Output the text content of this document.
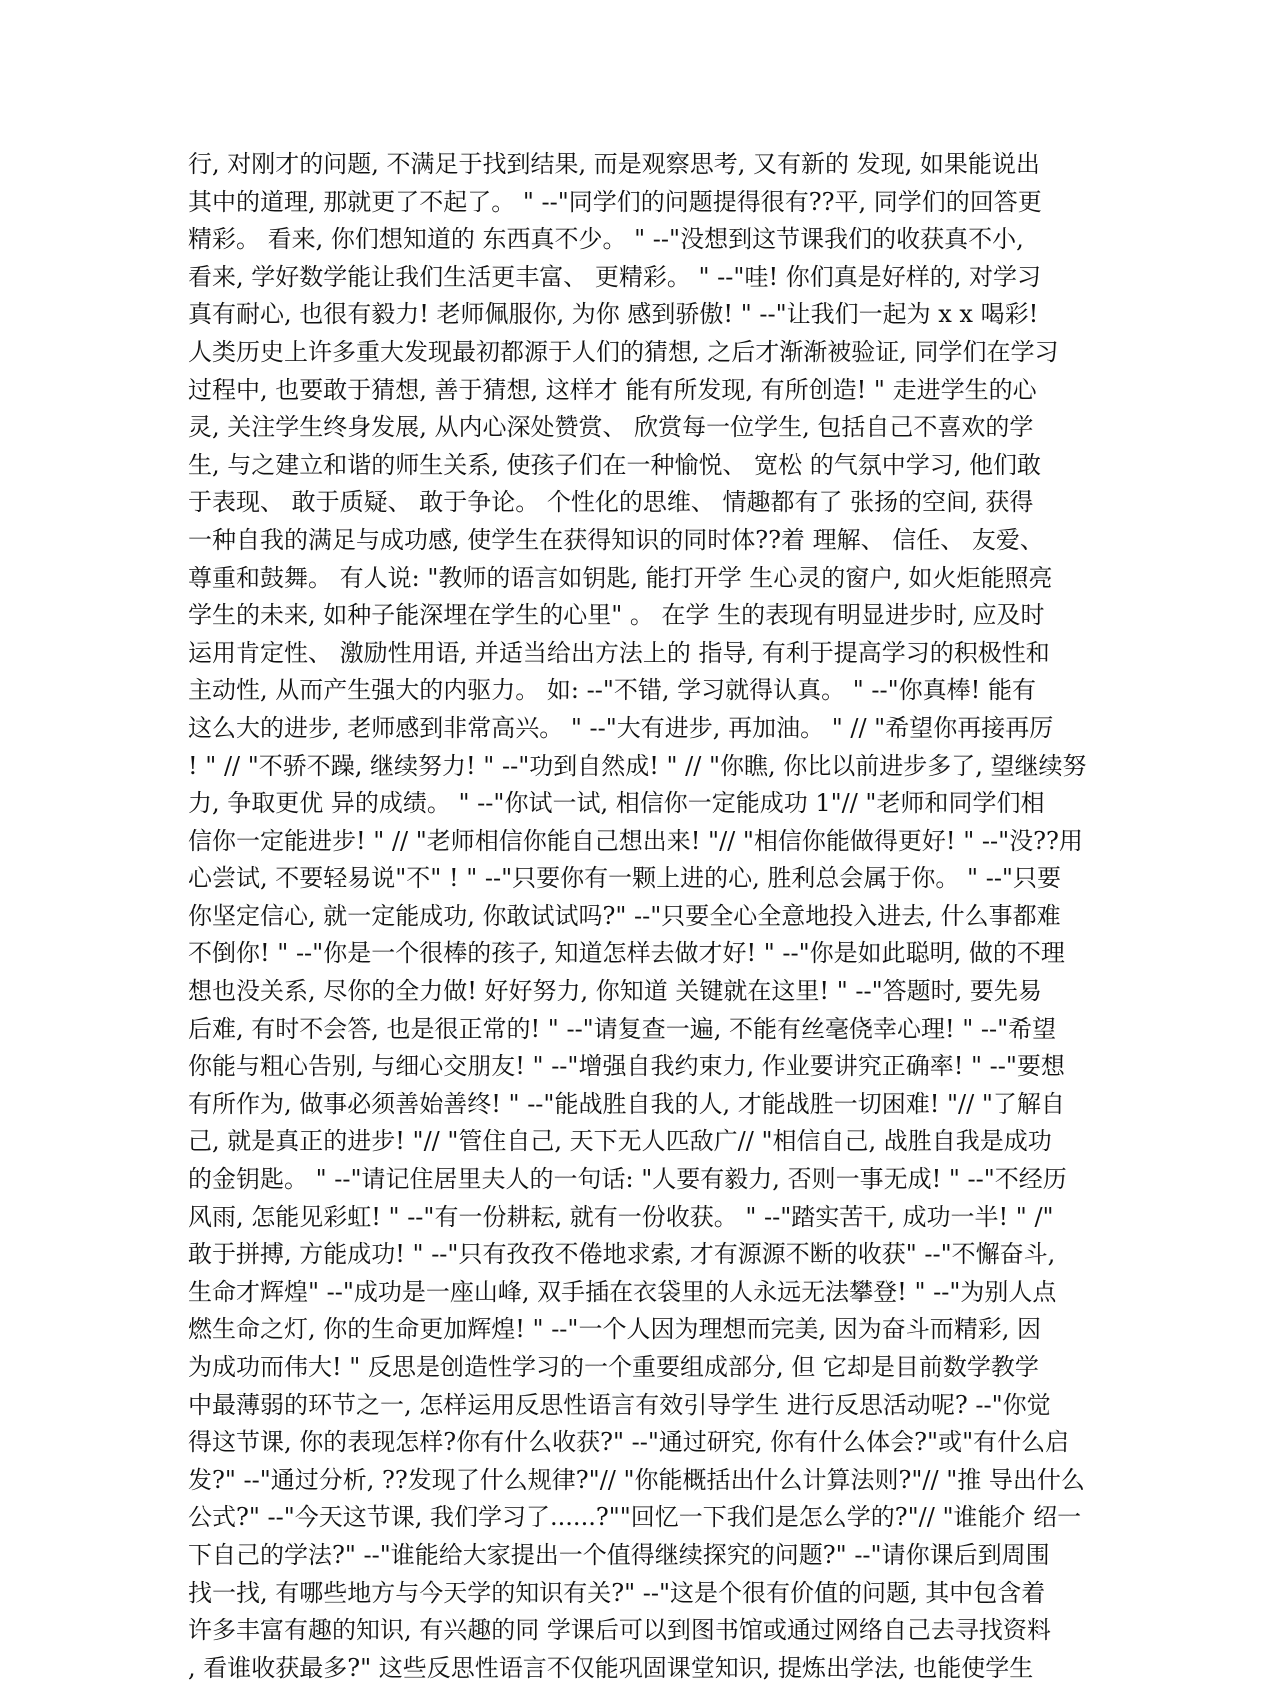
行, 对刚才的问题, 不满足于找到结果, 而是观察思考, 又有新的 发现, 如果能说出
其中的道理, 那就更了不起了。 " --"同学们的问题提得很有??平, 同学们的回答更
精彩。 看来, 你们想知道的 东西真不少。 " --"没想到这节课我们的收获真不小,
看来, 学好数学能让我们生活更丰富、 更精彩。 " --"哇! 你们真是好样的, 对学习
真有耐心, 也很有毅力! 老师佩服你, 为你 感到骄傲! " --"让我们一起为 x x 喝彩!
人类历史上许多重大发现最初都源于人们的猜想, 之后才渐渐被验证, 同学们在学习
过程中, 也要敢于猜想, 善于猜想, 这样才 能有所发现, 有所创造! " 走进学生的心
灵, 关注学生终身发展, 从内心深处赞赏、 欣赏每一位学生, 包括自己不喜欢的学
生, 与之建立和谐的师生关系, 使孩子们在一种愉悦、 宽松 的气氛中学习, 他们敢
于表现、 敢于质疑、 敢于争论。 个性化的思维、 情趣都有了 张扬的空间, 获得
一种自我的满足与成功感, 使学生在获得知识的同时体??着 理解、 信任、 友爱、
尊重和鼓舞。 有人说: "教师的语言如钥匙, 能打开学 生心灵的窗户, 如火炬能照亮
学生的未来, 如种子能深埋在学生的心里" 。 在学 生的表现有明显进步时, 应及时
运用肯定性、 激励性用语, 并适当给出方法上的 指导, 有利于提高学习的积极性和
主动性, 从而产生强大的内驱力。 如: --"不错, 学习就得认真。 " --"你真棒! 能有
这么大的进步, 老师感到非常高兴。 " --"大有进步, 再加油。 " // "希望你再接再厉
! " // "不骄不躁, 继续努力! " --"功到自然成! " // "你瞧, 你比以前进步多了, 望继续努
力, 争取更优 异的成绩。 " --"你试一试, 相信你一定能成功 1"// "老师和同学们相
信你一定能进步! " // "老师相信你能自己想出来! "// "相信你能做得更好! " --"没??用
心尝试, 不要轻易说"不" ! " --"只要你有一颗上进的心, 胜利总会属于你。 " --"只要
你坚定信心, 就一定能成功, 你敢试试吗?" --"只要全心全意地投入进去, 什么事都难
不倒你! " --"你是一个很棒的孩子, 知道怎样去做才好! " --"你是如此聪明, 做的不理
想也没关系, 尽你的全力做! 好好努力, 你知道 关键就在这里! " --"答题时, 要先易
后难, 有时不会答, 也是很正常的! " --"请复查一遍, 不能有丝毫侥幸心理! " --"希望
你能与粗心告别, 与细心交朋友! " --"增强自我约束力, 作业要讲究正确率! " --"要想
有所作为, 做事必须善始善终! " --"能战胜自我的人, 才能战胜一切困难! "// "了解自
己, 就是真正的进步! "// "管住自己, 天下无人匹敌广// "相信自己, 战胜自我是成功
的金钥匙。 " --"请记住居里夫人的一句话: "人要有毅力, 否则一事无成! " --"不经历
风雨, 怎能见彩虹! " --"有一份耕耘, 就有一份收获。 " --"踏实苦干, 成功一半! " /"
敢于拼搏, 方能成功! " --"只有孜孜不倦地求索, 才有源源不断的收获" --"不懈奋斗,
生命才辉煌" --"成功是一座山峰, 双手插在衣袋里的人永远无法攀登! " --"为别人点
燃生命之灯, 你的生命更加辉煌! " --"一个人因为理想而完美, 因为奋斗而精彩, 因
为成功而伟大! " 反思是创造性学习的一个重要组成部分, 但 它却是目前数学教学
中最薄弱的环节之一, 怎样运用反思性语言有效引导学生 进行反思活动呢? --"你觉
得这节课, 你的表现怎样?你有什么收获?" --"通过研究, 你有什么体会?"或"有什么启
发?" --"通过分析, ??发现了什么规律?"// "你能概括出什么计算法则?"// "推 导出什么
公式?" --"今天这节课, 我们学习了......?""回忆一下我们是怎么学的?"// "谁能介 绍一
下自己的学法?" --"谁能给大家提出一个值得继续探究的问题?" --"请你课后到周围
找一找, 有哪些地方与今天学的知识有关?" --"这是个很有价值的问题, 其中包含着
许多丰富有趣的知识, 有兴趣的同 学课后可以到图书馆或通过网络自己去寻找资料
, 看谁收获最多?" 这些反思性语言不仅能巩固课堂知识, 提炼出学法, 也能使学生
